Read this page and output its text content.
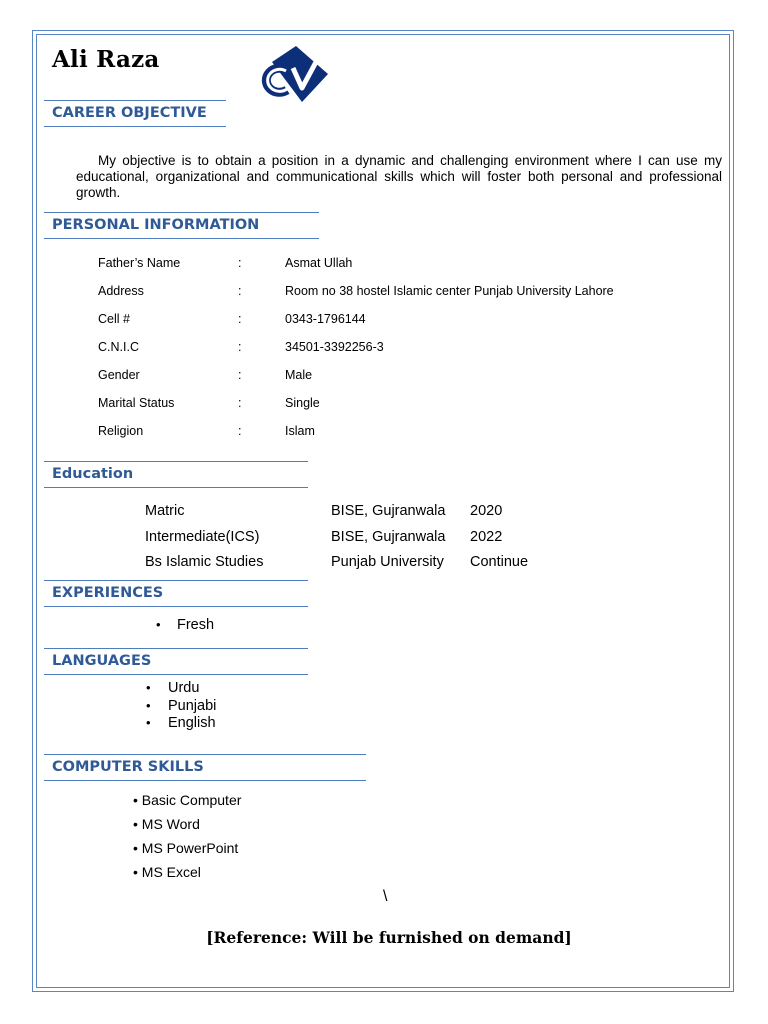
Ali Raza
CAREER OBJECTIVE
My objective is to obtain a position in a dynamic and challenging environment where I can use my educational, organizational and communicational skills which will foster both personal and professional growth.
PERSONAL INFORMATION
Father’s Name	:	Asmat Ullah
Address	:	Room no 38 hostel Islamic center Punjab University Lahore
Cell #	:	0343-1796144
C.N.I.C	:	34501-3392256-3
Gender	:	Male
Marital Status	:	Single
Religion	:	Islam
Education
Matric	BISE, Gujranwala 2020
Intermediate(ICS)	BISE, Gujranwala 2022
Bs Islamic Studies	Punjab University Continue
EXPERIENCES
• Fresh
LANGUAGES
• Urdu
• Punjabi
• English
COMPUTER SKILLS
• Basic Computer
• MS Word
• MS PowerPoint
• MS Excel
\
[Reference: Will be furnished on demand]
